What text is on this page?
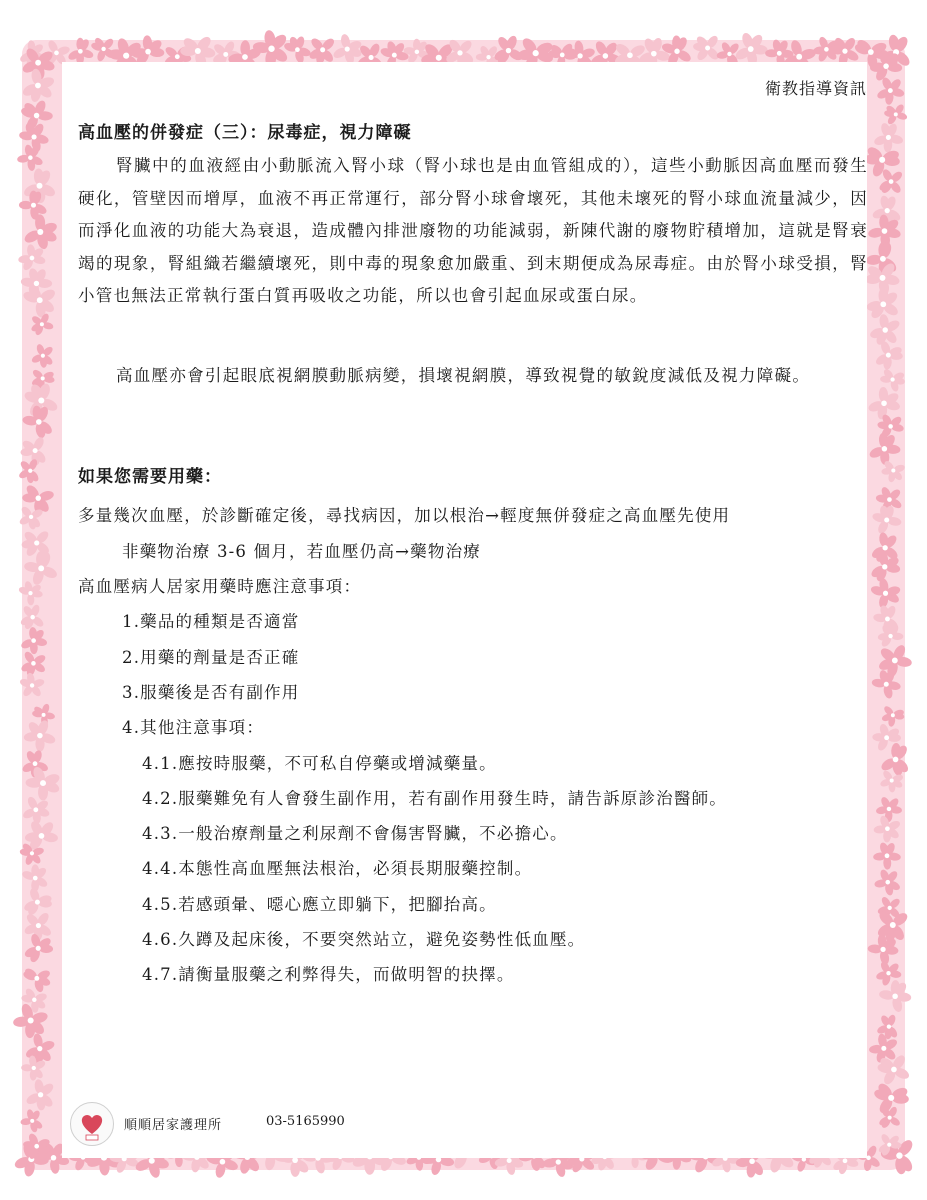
衛教指導資訊
高血壓的併發症（三）：尿毒症，視力障礙

腎臟中的血液經由小動脈流入腎小球（腎小球也是由血管組成的），這些小動脈因高血壓而發生硬化，管壁因而增厚，血液不再正常運行，部分腎小球會壞死，其他未壞死的腎小球血流量減少，因而淨化血液的功能大為衰退，造成體內排泄廢物的功能減弱，新陳代謝的廢物貯積增加，這就是腎衰竭的現象，腎組織若繼續壞死，則中毒的現象愈加嚴重、到末期便成為尿毒症。由於腎小球受損，腎小管也無法正常執行蛋白質再吸收之功能，所以也會引起血尿或蛋白尿。

高血壓亦會引起眼底視網膜動脈病變，損壞視網膜，導致視覺的敏銳度減低及視力障礙。

如果您需要用藥：
多量幾次血壓，於診斷確定後，尋找病因，加以根治→輕度無併發症之高血壓先使用
非藥物治療 3-6 個月，若血壓仍高→藥物治療
高血壓病人居家用藥時應注意事項：
1.藥品的種類是否適當
2.用藥的劑量是否正確
3.服藥後是否有副作用
4.其他注意事項：
4.1.應按時服藥，不可私自停藥或增減藥量。
4.2.服藥難免有人會發生副作用，若有副作用發生時，請告訴原診治醫師。
4.3.一般治療劑量之利尿劑不會傷害腎臟，不必擔心。
4.4.本態性高血壓無法根治，必須長期服藥控制。
4.5.若感頭暈、噁心應立即躺下，把腳抬高。
4.6.久蹲及起床後，不要突然站立，避免姿勢性低血壓。
4.7.請衡量服藥之利弊得失，而做明智的抉擇。
順順居家護理所	03-5165990
